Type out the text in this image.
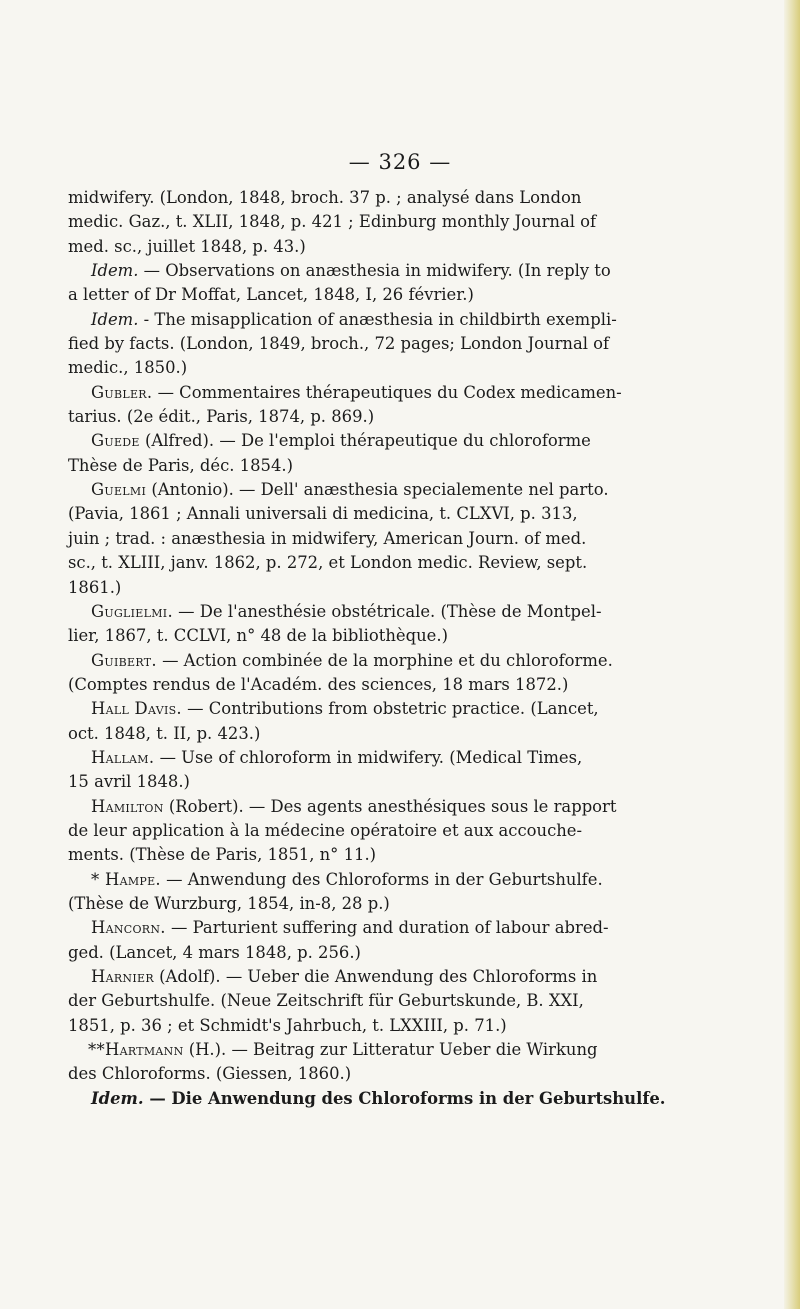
— 326 —
midwifery. (London, 1848, broch. 37 p. ; analysé dans London
medic. Gaz., t. XLII, 1848, p. 421 ; Edinburg monthly Journal of
med. sc., juillet 1848, p. 43.)
Idem. — Observations on anæsthesia in midwifery. (In reply to
a letter of Dr Moffat, Lancet, 1848, I, 26 février.)
Idem. - The misapplication of anæsthesia in childbirth exempli-
fied by facts. (London, 1849, broch., 72 pages; London Journal of
medic., 1850.)
Gubler. — Commentaires thérapeutiques du Codex medicamen-
tarius. (2e édit., Paris, 1874, p. 869.)
Guede (Alfred). — De l'emploi thérapeutique du chloroforme
Thèse de Paris, déc. 1854.)
Guelmi (Antonio). — Dell' anæsthesia specialemente nel parto.
(Pavia, 1861 ; Annali universali di medicina, t. CLXVI, p. 313,
juin ; trad. : anæsthesia in midwifery, American Journ. of med.
sc., t. XLIII, janv. 1862, p. 272, et London medic. Review, sept.
1861.)
Guglielmi. — De l'anesthésie obstétricale. (Thèse de Montpel-
lier, 1867, t. CCLVI, n° 48 de la bibliothèque.)
Guibert. — Action combinée de la morphine et du chloroforme.
(Comptes rendus de l'Académ. des sciences, 18 mars 1872.)
Hall Davis. — Contributions from obstetric practice. (Lancet,
oct. 1848, t. II, p. 423.)
Hallam. — Use of chloroform in midwifery. (Medical Times,
15 avril 1848.)
Hamilton (Robert). — Des agents anesthésiques sous le rapport
de leur application à la médecine opératoire et aux accouche-
ments. (Thèse de Paris, 1851, n° 11.)
* Hampe. — Anwendung des Chloroforms in der Geburtshulfe.
(Thèse de Wurzburg, 1854, in-8, 28 p.)
Hancorn. — Parturient suffering and duration of labour abred-
ged. (Lancet, 4 mars 1848, p. 256.)
Harnier (Adolf). — Ueber die Anwendung des Chloroforms in
der Geburtshulfe. (Neue Zeitschrift für Geburtskunde, B. XXI,
1851, p. 36 ; et Schmidt's Jahrbuch, t. LXXIII, p. 71.)
**Hartmann (H.). — Beitrag zur Litteratur Ueber die Wirkung
des Chloroforms. (Giessen, 1860.)
Idem. — Die Anwendung des Chloroforms in der Geburtshulfe.
